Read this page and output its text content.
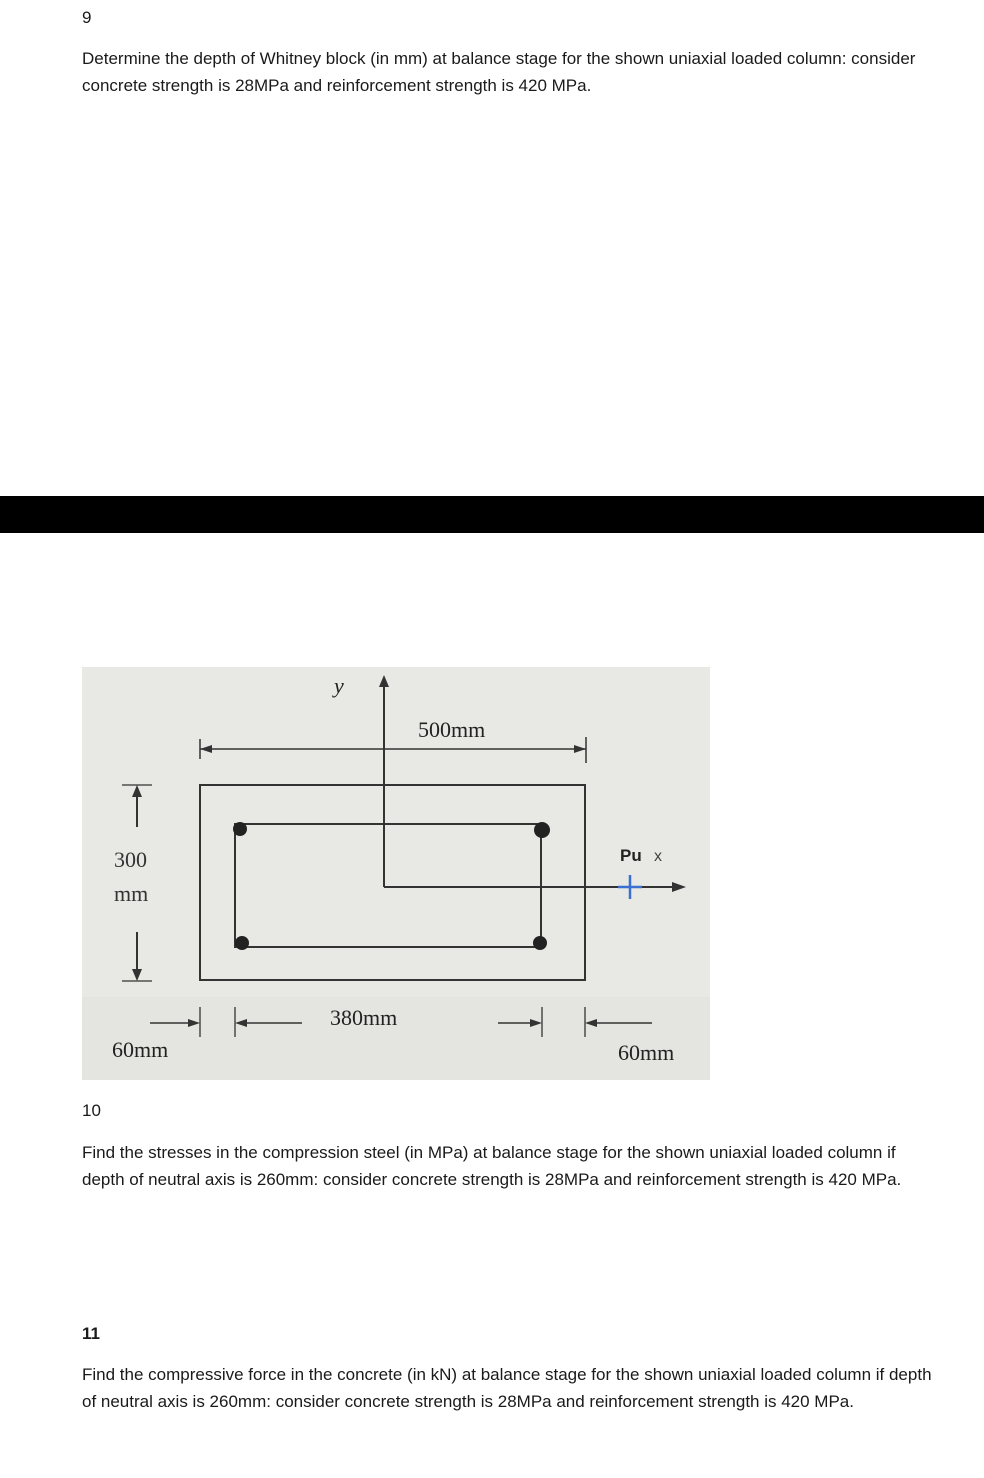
9

Determine the depth of Whitney block (in mm) at balance stage for the shown uniaxial loaded column: consider concrete strength is 28MPa and reinforcement strength is 420 MPa.

y
500mm
300
mm
Pu x
380mm
60mm	60mm
10

Find the stresses in the compression steel (in MPa) at balance stage for the shown uniaxial loaded column if depth of neutral axis is 260mm: consider concrete strength is 28MPa and reinforcement strength is 420 MPa.

11

Find the compressive force in the concrete (in kN) at balance stage for the shown uniaxial loaded column if depth of neutral axis is 260mm: consider concrete strength is 28MPa and reinforcement strength is 420 MPa.
